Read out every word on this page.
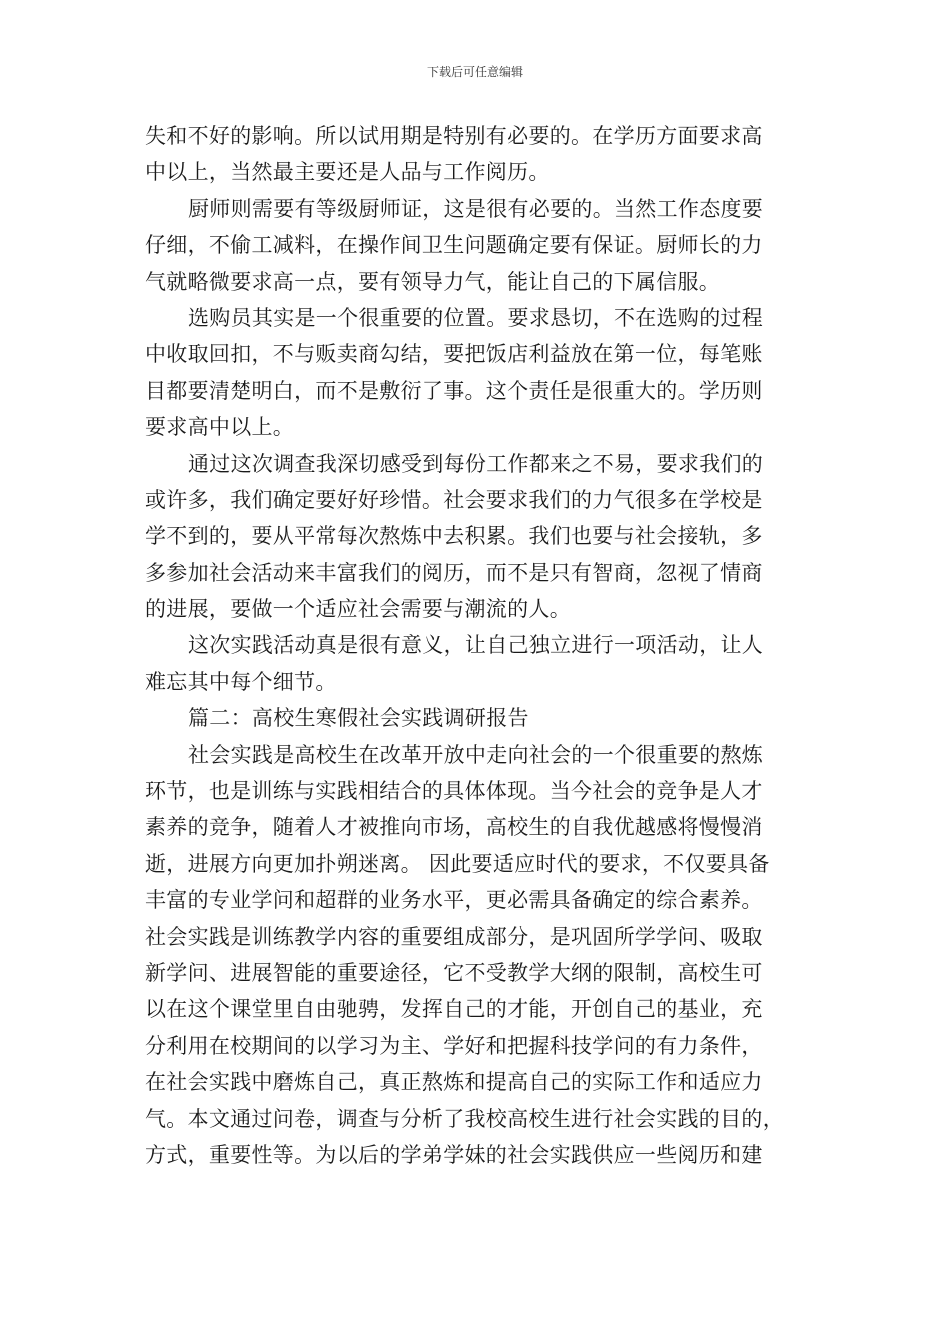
下载后可任意编辑
失和不好的影响。所以试用期是特别有必要的。在学历方面要求高
中以上，当然最主要还是人品与工作阅历。
厨师则需要有等级厨师证，这是很有必要的。当然工作态度要
仔细，不偷工减料，在操作间卫生问题确定要有保证。厨师长的力
气就略微要求高一点，要有领导力气，能让自己的下属信服。
选购员其实是一个很重要的位置。要求恳切，不在选购的过程
中收取回扣，不与贩卖商勾结，要把饭店利益放在第一位，每笔账
目都要清楚明白，而不是敷衍了事。这个责任是很重大的。学历则
要求高中以上。
通过这次调查我深切感受到每份工作都来之不易，要求我们的
或许多，我们确定要好好珍惜。社会要求我们的力气很多在学校是
学不到的，要从平常每次熬炼中去积累。我们也要与社会接轨，多
多参加社会活动来丰富我们的阅历，而不是只有智商，忽视了情商
的进展，要做一个适应社会需要与潮流的人。
这次实践活动真是很有意义，让自己独立进行一项活动，让人
难忘其中每个细节。
篇二：高校生寒假社会实践调研报告
社会实践是高校生在改革开放中走向社会的一个很重要的熬炼
环节，也是训练与实践相结合的具体体现。当今社会的竞争是人才
素养的竞争，随着人才被推向市场，高校生的自我优越感将慢慢消
逝，进展方向更加扑朔迷离。 因此要适应时代的要求，不仅要具备
丰富的专业学问和超群的业务水平，更必需具备确定的综合素养。
社会实践是训练教学内容的重要组成部分，是巩固所学学问、吸取
新学问、进展智能的重要途径，它不受教学大纲的限制，高校生可
以在这个课堂里自由驰骋，发挥自己的才能，开创自己的基业，充
分利用在校期间的以学习为主、学好和把握科技学问的有力条件，
在社会实践中磨炼自己，真正熬炼和提高自己的实际工作和适应力
气。本文通过问卷，调查与分析了我校高校生进行社会实践的目的，
方式，重要性等。为以后的学弟学妹的社会实践供应一些阅历和建
